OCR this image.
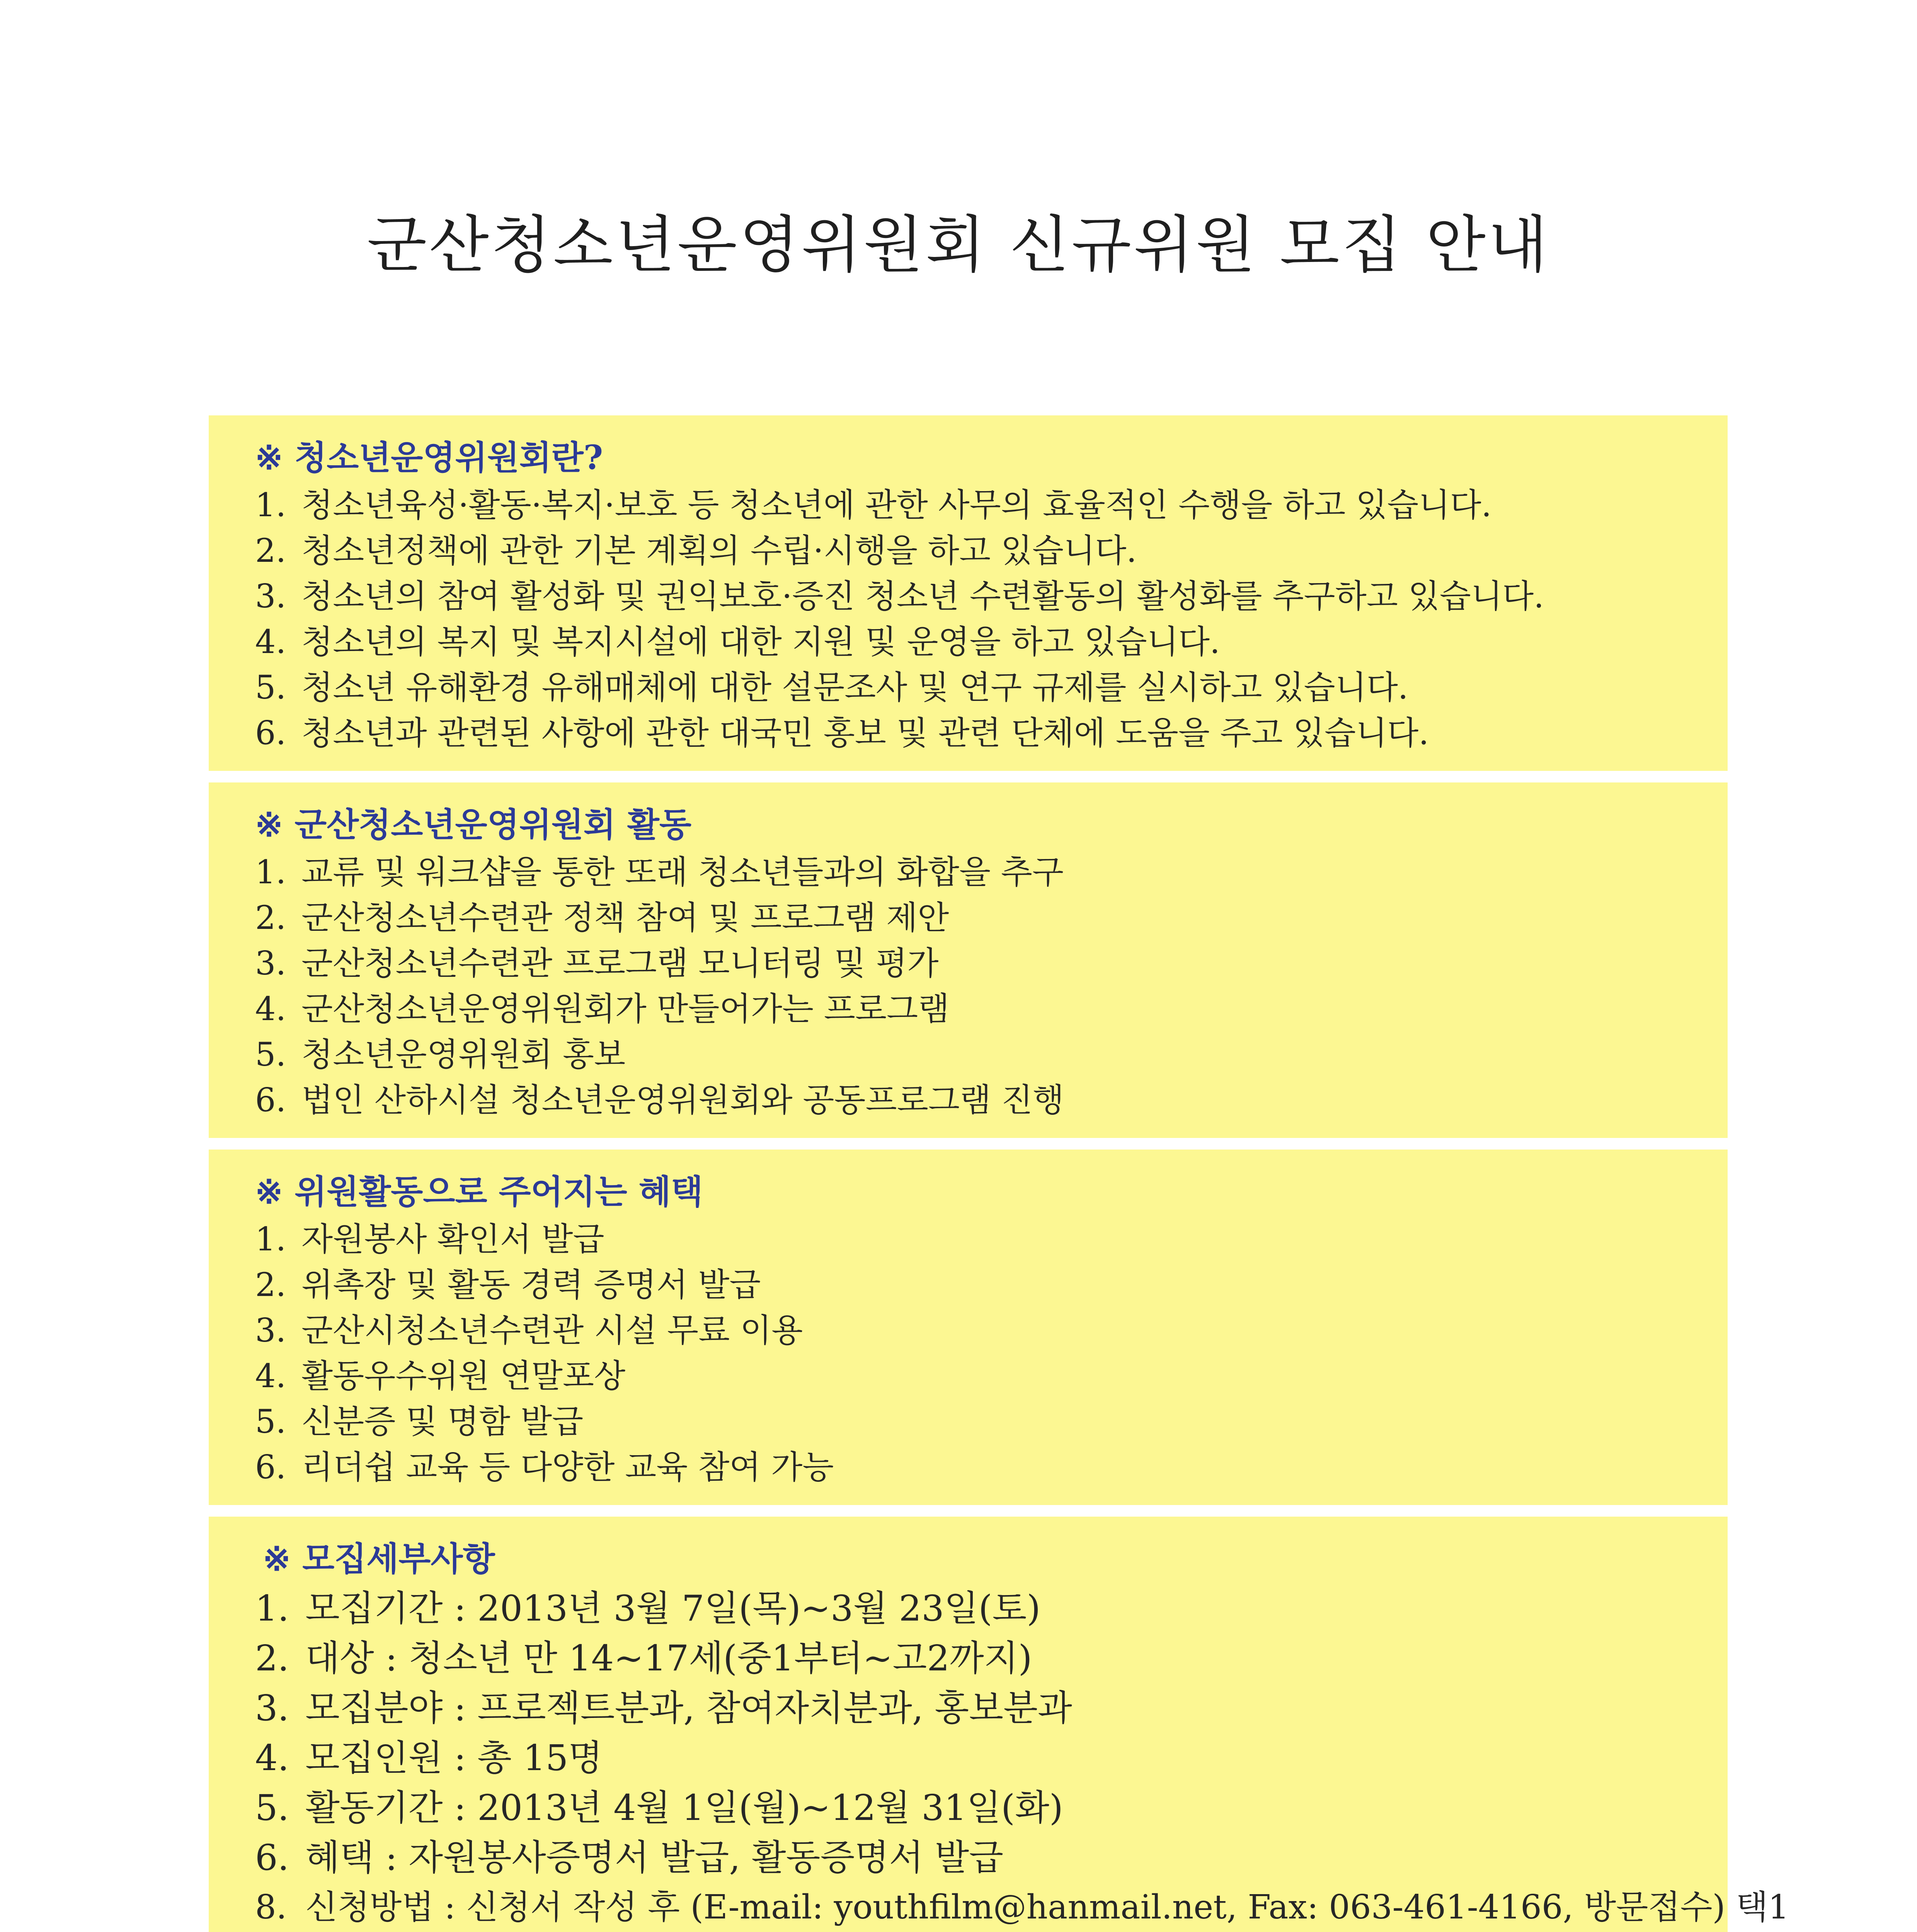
군산청소년운영위원회 신규위원 모집 안내
※ 청소년운영위원회란?
1. 청소년육성·활동·복지·보호 등 청소년에 관한 사무의 효율적인 수행을 하고 있습니다.
2. 청소년정책에 관한 기본 계획의 수립·시행을 하고 있습니다.
3. 청소년의 참여 활성화 및 권익보호·증진 청소년 수련활동의 활성화를 추구하고 있습니다.
4. 청소년의 복지 및 복지시설에 대한 지원 및 운영을 하고 있습니다.
5. 청소년 유해환경 유해매체에 대한 설문조사 및 연구 규제를 실시하고 있습니다.
6. 청소년과 관련된 사항에 관한 대국민 홍보 및 관련 단체에 도움을 주고 있습니다.
※ 군산청소년운영위원회 활동
1. 교류 및 워크샵을 통한 또래 청소년들과의 화합을 추구
2. 군산청소년수련관 정책 참여 및 프로그램 제안
3. 군산청소년수련관 프로그램 모니터링 및 평가
4. 군산청소년운영위원회가 만들어가는 프로그램
5. 청소년운영위원회 홍보
6. 법인 산하시설 청소년운영위원회와 공동프로그램 진행
※ 위원활동으로 주어지는 혜택
1. 자원봉사 확인서 발급
2. 위촉장 및 활동 경력 증명서 발급
3. 군산시청소년수련관 시설 무료 이용
4. 활동우수위원 연말포상
5. 신분증 및 명함 발급
6. 리더쉽 교육 등 다양한 교육 참여 가능
※ 모집세부사항
1. 모집기간 : 2013년 3월 7일(목)~3월 23일(토)
2. 대상 : 청소년 만 14~17세(중1부터~고2까지)
3. 모집분야 : 프로젝트분과, 참여자치분과, 홍보분과
4. 모집인원 : 총 15명
5. 활동기간 : 2013년 4월 1일(월)~12월 31일(화)
6. 혜택 : 자원봉사증명서 발급, 활동증명서 발급
8. 신청방법 : 신청서 작성 후 (E-mail: youthfilm@hanmail.net, Fax: 063-461-4166, 방문접수) 택1
